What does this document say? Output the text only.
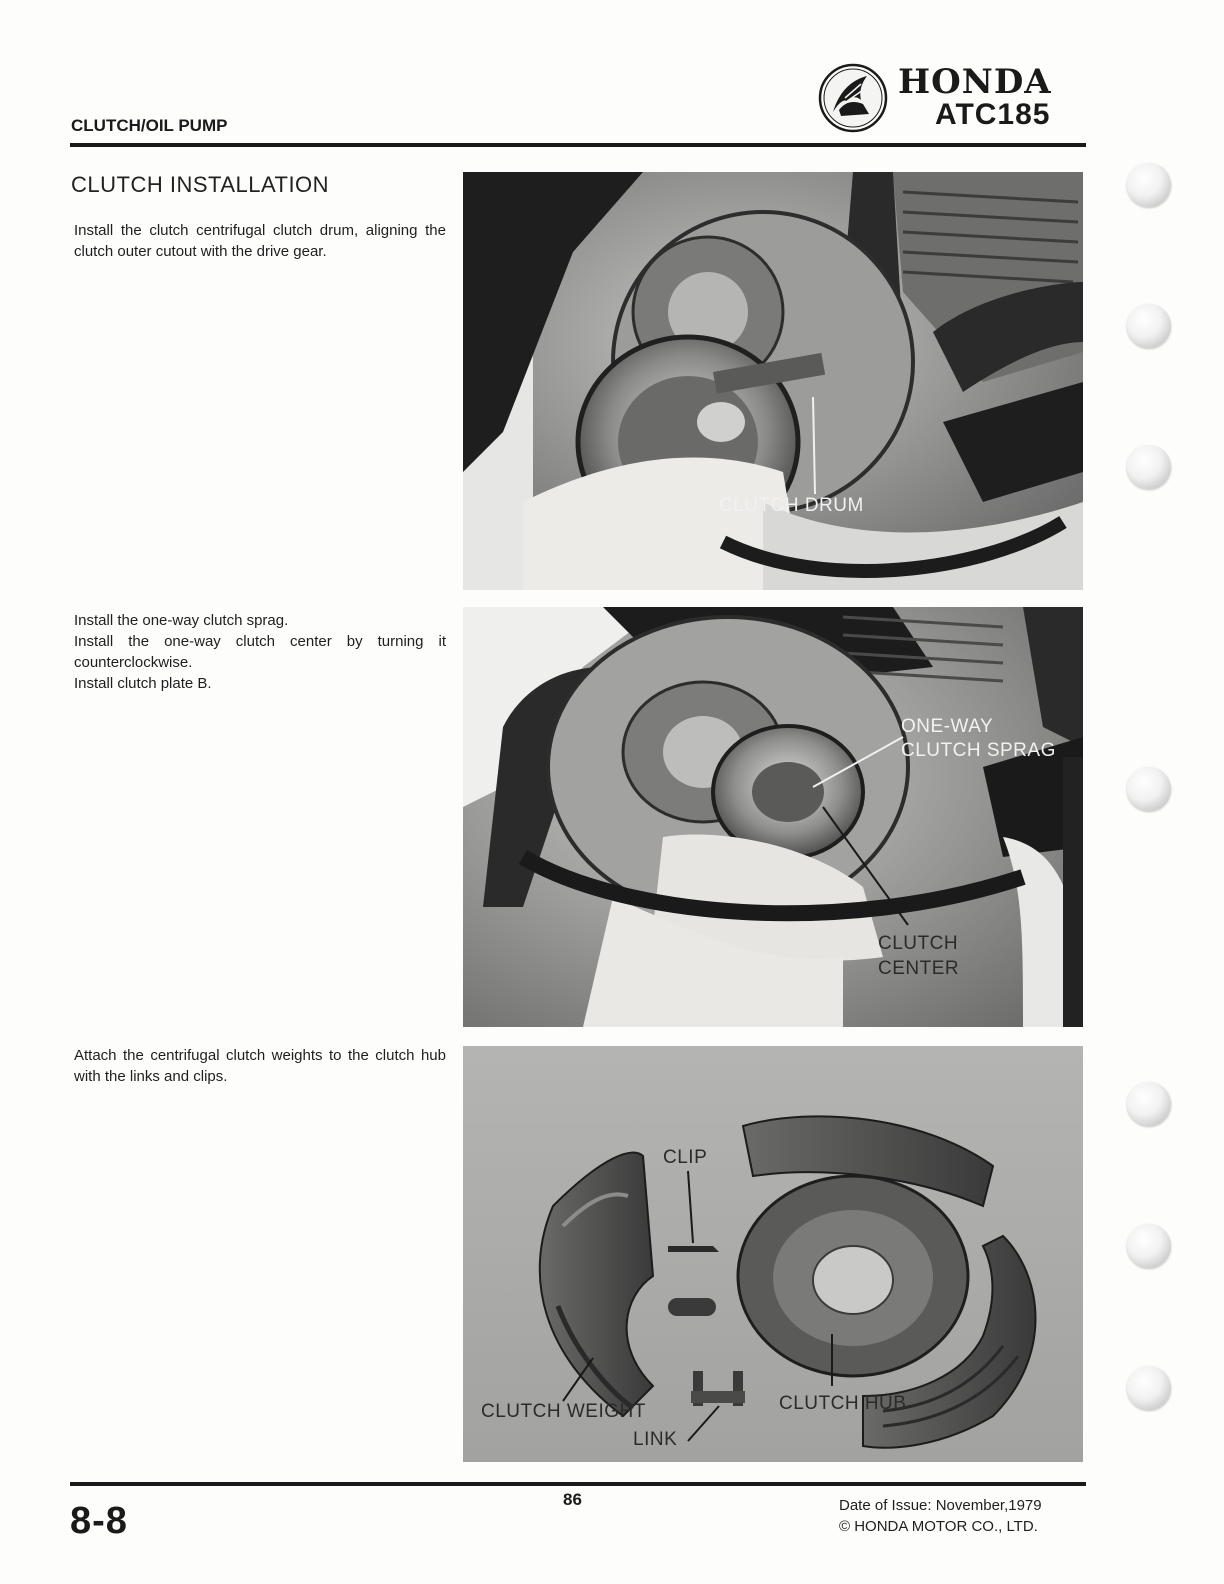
HONDA
ATC185
CLUTCH/OIL PUMP
CLUTCH INSTALLATION

Install the clutch centrifugal clutch drum, aligning the clutch outer cutout with the drive gear.

CLUTCH DRUM

Install the one-way clutch sprag.

Install the one-way clutch center by turning it counterclockwise.

Install clutch plate B.

ONE-WAY
CLUTCH SPRAG
CLUTCH
CENTER

Attach the centrifugal clutch weights to the clutch hub with the links and clips.

CLIP
CLUTCH WEIGHT
LINK
CLUTCH HUB
8-8
86	Date of Issue: November,1979
© HONDA MOTOR CO., LTD.
